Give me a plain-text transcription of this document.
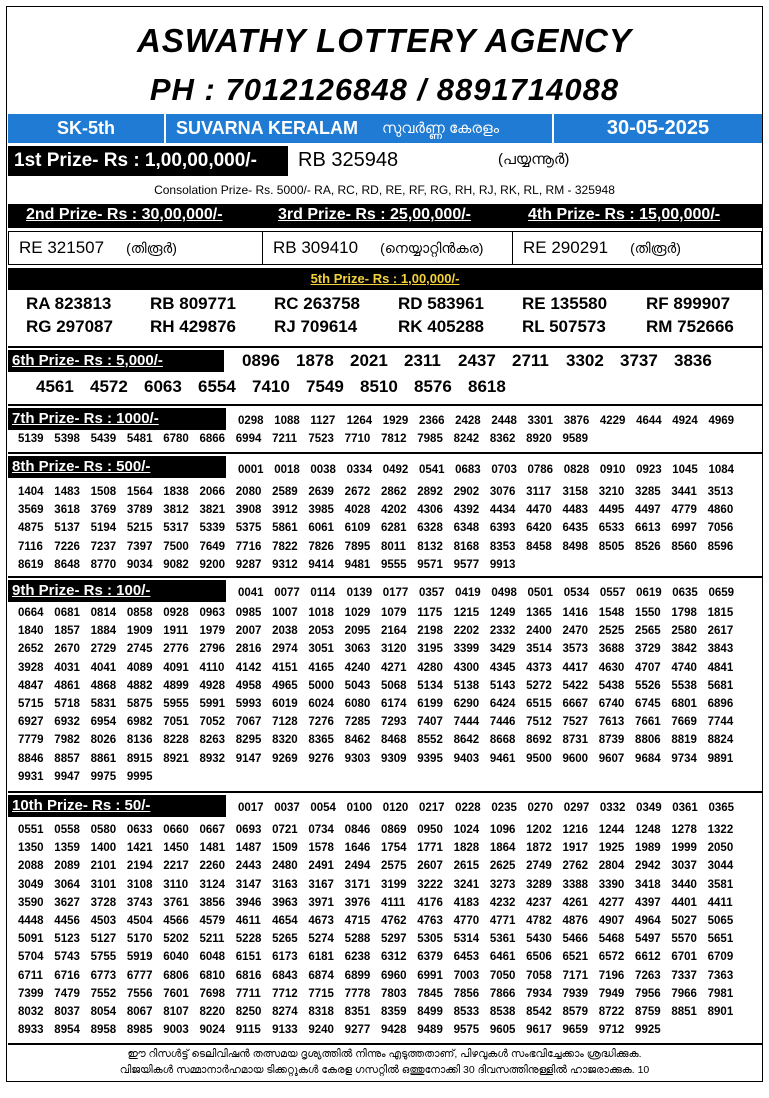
ASWATHY LOTTERY AGENCY
PH : 7012126848 / 8891714088
SK-5th	SUVARNA KERALAM സുവർണ്ണ കേരളം	30-05-2025
1st Prize- Rs : 1,00,00,000/-	RB 325948	(പയ്യന്നൂർ)
Consolation Prize- Rs. 5000/- RA, RC, RD, RE, RF, RG, RH, RJ, RK, RL, RM - 325948
2nd Prize- Rs : 30,00,000/-	3rd Prize- Rs : 25,00,000/-	4th Prize- Rs : 15,00,000/-
RE 321507 (തിരൂർ)	RB 309410 (നെയ്യാറ്റിൻകര)	RE 290291 (തിരൂർ)
5th Prize- Rs : 1,00,000/-
RA 823813	RB 809771	RC 263758	RD 583961	RE 135580	RF 899907
RG 297087	RH 429876	RJ 709614	RK 405288	RL 507573	RM 752666
6th Prize- Rs : 5,000/-	0896 1878 2021 2311	2437 2711	3302 3737 3836
4561 4572 6063 6554 7410 7549 8510 8576 8618
7th Prize- Rs : 1000/-	0298 1088 1127 1264 1929 2366 2428 2448 3301 3876 4229 4644 4924 4969
5139 5398 5439 5481 6780 6866 6994 7211 7523 7710 7812 7985 8242 8362 8920 9589
8th Prize- Rs : 500/-	0001 0018 0038 0334 0492 0541 0683 0703 0786 0828 0910 0923 1045 1084
1404 1483 1508 1564 1838 2066 2080 2589 2639 2672 2862 2892 2902 3076 3117 3158 3210 3285 3441 3513
3569 3618 3769 3789 3812 3821 3908 3912 3985 4028 4202 4306 4392 4434 4470 4483 4495 4497 4779 4860
4875 5137 5194 5215 5317 5339 5375 5861 6061 6109 6281 6328 6348 6393 6420 6435 6533 6613 6997 7056
7116 7226 7237 7397 7500 7649 7716 7822 7826 7895 8011 8132 8168 8353 8458 8498 8505 8526 8560 8596
8619 8648 8770 9034 9082 9200 9287 9312 9414 9481 9555 9571 9577 9913
9th Prize- Rs : 100/-	0041 0077 0114 0139 0177 0357 0419 0498 0501 0534 0557 0619 0635 0659
0664 0681 0814 0858 0928 0963 0985 1007 1018 1029 1079 1175 1215 1249 1365 1416 1548 1550 1798 1815
1840 1857 1884 1909 1911 1979 2007 2038 2053 2095 2164 2198 2202 2332 2400 2470 2525 2565 2580 2617
2652 2670 2729 2745 2776 2796 2816 2974 3051 3063 3120 3195 3399 3429 3514 3573 3688 3729 3842 3843
3928 4031 4041 4089 4091 4110 4142 4151 4165 4240 4271 4280 4300 4345 4373 4417 4630 4707 4740 4841
4847 4861 4868 4882 4899 4928 4958 4965 5000 5043 5068 5134 5138 5143 5272 5422 5438 5526 5538 5681
5715 5718 5831 5875 5955 5991 5993 6019 6024 6080 6174 6199 6290 6424 6515 6667 6740 6745 6801 6896
6927 6932 6954 6982 7051 7052 7067 7128 7276 7285 7293 7407 7444 7446 7512 7527 7613 7661 7669 7744
7779 7982 8026 8136 8228 8263 8295 8320 8365 8462 8468 8552 8642 8668 8692 8731 8739 8806 8819 8824
8846 8857 8861 8915 8921 8932 9147 9269 9276 9303 9309 9395 9403 9461 9500 9600 9607 9684 9734 9891
9931 9947 9975 9995
10th Prize- Rs : 50/-	0017 0037 0054 0100 0120 0217 0228 0235 0270 0297 0332 0349 0361 0365
0551 0558 0580 0633 0660 0667 0693 0721 0734 0846 0869 0950 1024 1096 1202 1216 1244 1248 1278 1322
1350 1359 1400 1421 1450 1481 1487 1509 1578 1646 1754 1771 1828 1864 1872 1917 1925 1989 1999 2050
2088 2089 2101 2194 2217 2260 2443 2480 2491 2494 2575 2607 2615 2625 2749 2762 2804 2942 3037 3044
3049 3064 3101 3108 3110 3124 3147 3163 3167 3171 3199 3222 3241 3273 3289 3388 3390 3418 3440 3581
3590 3627 3728 3743 3761 3856 3946 3963 3971 3976 4111	4176 4183 4232 4237 4261 4277 4397 4401 4411
4448 4456 4503 4504 4566 4579 4611 4654 4673 4715 4762 4763 4770 4771 4782 4876 4907 4964 5027 5065
5091 5123 5127 5170 5202 5211 5228 5265 5274 5288 5297 5305 5314 5361 5430 5466 5468 5497 5570 5651
5704 5743 5755 5919 6040 6048 6151 6173 6181 6238 6312 6379 6453 6461 6506 6521 6572 6612 6701 6709
6711 6716 6773 6777 6806 6810 6816 6843 6874 6899 6960 6991 7003 7050 7058 7171 7196 7263 7337 7363
7399 7479 7552 7556 7601 7698 7711 7712 7715 7778 7803 7845 7856 7866 7934 7939 7949 7956 7966 7981
8032 8037 8054 8067 8107 8220 8250 8274 8318 8351 8359 8499 8533 8538 8542 8579 8722 8759 8851 8901
8933 8954 8958 8985 9003 9024 9115 9133 9240 9277 9428 9489 9575 9605 9617 9659 9712 9925
ഈ റിസൾട്ട് ടെലിവിഷൻ തത്സമയ ദൃശ്യത്തിൽ നിന്നും എടുത്തതാണ്, പിഴവുകൾ സംഭവിച്ചേക്കാം ശ്രദ്ധിക്കുക.
വിജയികൾ സമ്മാനാർഹമായ ടിക്കറ്റുകൾ കേരള ഗസറ്റിൽ ഒത്തുനോക്കി 30 ദിവസത്തിനുള്ളിൽ ഹാജരാക്കുക. 10
